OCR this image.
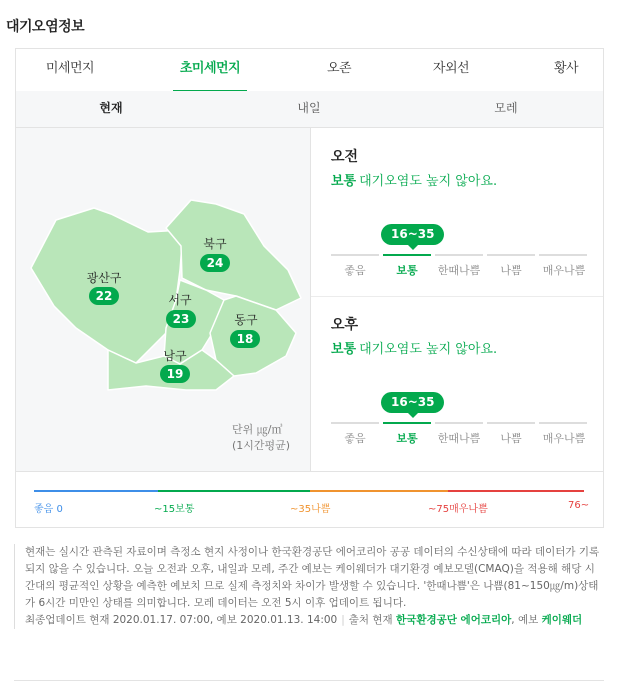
대기오염정보
미세먼지	초미세먼지	오존	자외선	황사
현재	내일	모레
광산구
22
북구
24
서구
23	동구
18
남구
19
단위 ㎍/㎥
(1시간평균)
오전
보통 대기오염도 높지 않아요.
16~35
좋음	보통	한때나쁨	나쁨	매우나쁨
오후
보통 대기오염도 높지 않아요.
16~35
좋음	보통	한때나쁨	나쁨	매우나쁨
좋음 0	~15보통	~35나쁨	~75매우나쁨	76~

현재는 실시간 관측된 자료이며 측정소 현지 사정이나 한국환경공단 에어코리아 공공 데이터의 수신상태에 따라 데이터가 기록되지 않을 수 있습니다. 오늘 오전과 오후, 내일과 모레, 주간 예보는 케이웨더가 대기환경 예보모델(CMAQ)을 적용해 해당 시간대의 평균적인 상황을 예측한 예보치 므로 실제 측정치와 차이가 발생할 수 있습니다. '한때나쁨'은 나쁨(81~150㎍/m)상태가 6시간 미만인 상태를 의미합니다. 모레 데이터는 오전 5시 이후 업데이트 됩니다.

최종업데이트 현재 2020.01.17. 07:00, 예보 2020.01.13. 14:00 | 출처 현재 한국환경공단 에어코리아, 예보 케이웨더
